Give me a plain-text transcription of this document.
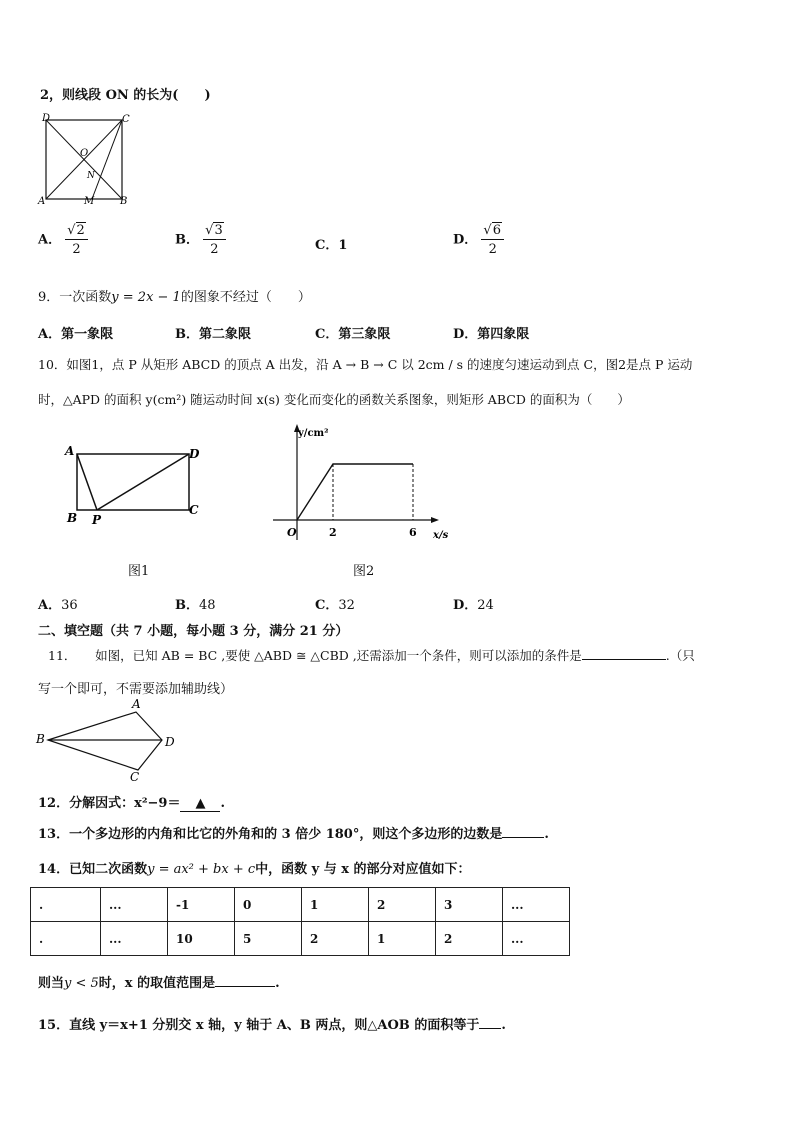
2，则线段 ON 的长为(　　)
D	C
O
N
A	M	B
A． $\frac{√2}{2}$	B． $\frac{√3}{2}$	C．1	D． $\frac{√6}{2}$
9．一次函数y = 2x − 1的图象不经过（　　）
A．第一象限	B．第二象限	C．第三象限	D．第四象限
10．如图1，点 P 从矩形 ABCD 的顶点 A 出发，沿 A → B → C 以 2cm / s 的速度匀速运动到点 C，图2是点 P 运动
时，△APD 的面积 y(cm²) 随运动时间 x(s) 变化而变化的函数关系图象，则矩形 ABCD 的面积为（　　）
A	D
B P
C
图1
y/cm²
x/s
O	2	6
图2
A．36	B．48	C．32	D．24
二、填空题（共 7 小题，每小题 3 分，满分 21 分）
11．　　如图，已知 AB = BC ,要使 △ABD ≅ △CBD ,还需添加一个条件，则可以添加的条件是	.（只
写一个即可，不需要添加辅助线）
A
B	D
C
12．分解因式：x²−9＝ ▲ .
13．一个多边形的内角和比它的外角和的 3 倍少 180°，则这个多边形的边数是	.
14．已知二次函数y = ax² + bx + c中，函数 y 与 x 的部分对应值如下：
.	...	-1	0	1	2	3	...
.	...	10	5	2	1	2	...
则当y < 5时，x 的取值范围是	.
15．直线 y＝x+1 分别交 x 轴，y 轴于 A、B 两点，则△AOB 的面积等于 .
